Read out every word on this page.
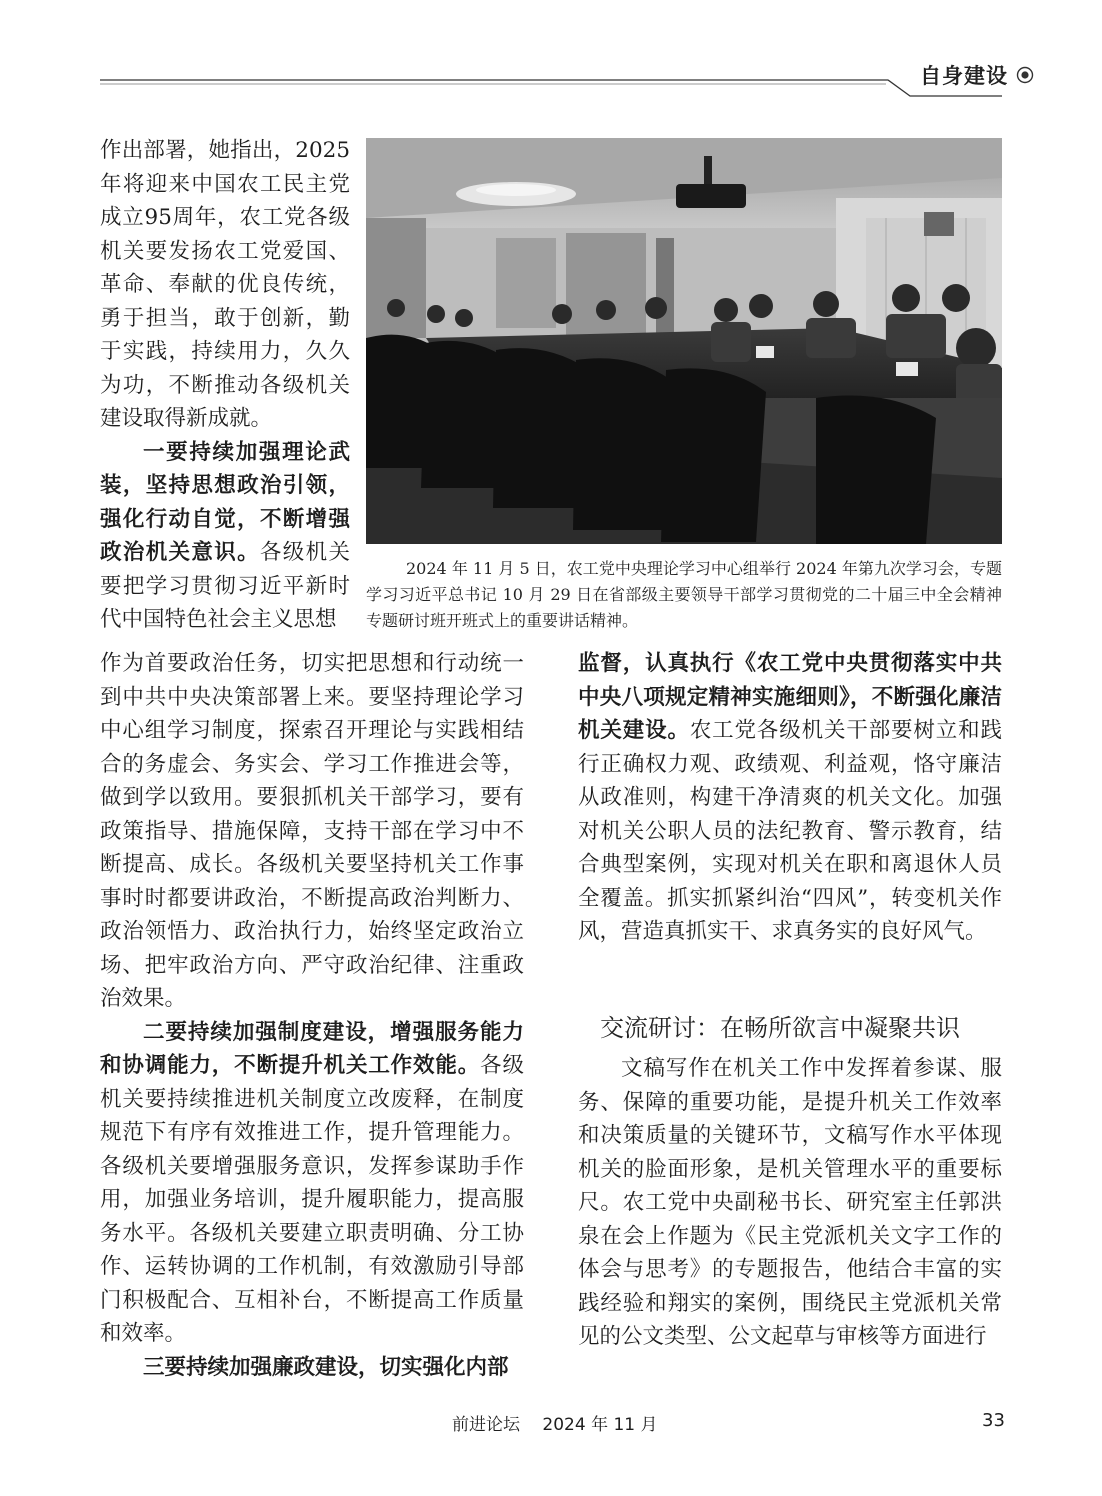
自身建设

作出部署，她指出，2025年将迎来中国农工民主党成立95周年，农工党各级机关要发扬农工党爱国、革命、奉献的优良传统，勇于担当，敢于创新，勤于实践，持续用力，久久为功，不断推动各级机关建设取得新成就。

一要持续加强理论武装，坚持思想政治引领，强化行动自觉，不断增强政治机关意识。各级机关要把学习贯彻习近平新时代中国特色社会主义思想

2024 年 11 月 5 日，农工党中央理论学习中心组举行 2024 年第九次学习会，专题学习习近平总书记 10 月 29 日在省部级主要领导干部学习贯彻党的二十届三中全会精神专题研讨班开班式上的重要讲话精神。

作为首要政治任务，切实把思想和行动统一到中共中央决策部署上来。要坚持理论学习中心组学习制度，探索召开理论与实践相结合的务虚会、务实会、学习工作推进会等，做到学以致用。要狠抓机关干部学习，要有政策指导、措施保障，支持干部在学习中不断提高、成长。各级机关要坚持机关工作事事时时都要讲政治，不断提高政治判断力、政治领悟力、政治执行力，始终坚定政治立场、把牢政治方向、严守政治纪律、注重政治效果。

二要持续加强制度建设，增强服务能力和协调能力，不断提升机关工作效能。各级机关要持续推进机关制度立改废释，在制度规范下有序有效推进工作，提升管理能力。各级机关要增强服务意识，发挥参谋助手作用，加强业务培训，提升履职能力，提高服务水平。各级机关要建立职责明确、分工协作、运转协调的工作机制，有效激励引导部门积极配合、互相补台，不断提高工作质量和效率。

三要持续加强廉政建设，切实强化内部

监督，认真执行《农工党中央贯彻落实中共中央八项规定精神实施细则》，不断强化廉洁机关建设。农工党各级机关干部要树立和践行正确权力观、政绩观、利益观，恪守廉洁从政准则，构建干净清爽的机关文化。加强对机关公职人员的法纪教育、警示教育，结合典型案例，实现对机关在职和离退休人员全覆盖。抓实抓紧纠治“四风”，转变机关作风，营造真抓实干、求真务实的良好风气。

交流研讨：在畅所欲言中凝聚共识

文稿写作在机关工作中发挥着参谋、服务、保障的重要功能，是提升机关工作效率和决策质量的关键环节，文稿写作水平体现机关的脸面形象，是机关管理水平的重要标尺。农工党中央副秘书长、研究室主任郭洪泉在会上作题为《民主党派机关文字工作的体会与思考》的专题报告，他结合丰富的实践经验和翔实的案例，围绕民主党派机关常见的公文类型、公文起草与审核等方面进行

前进论坛　 2024 年 11 月	33
